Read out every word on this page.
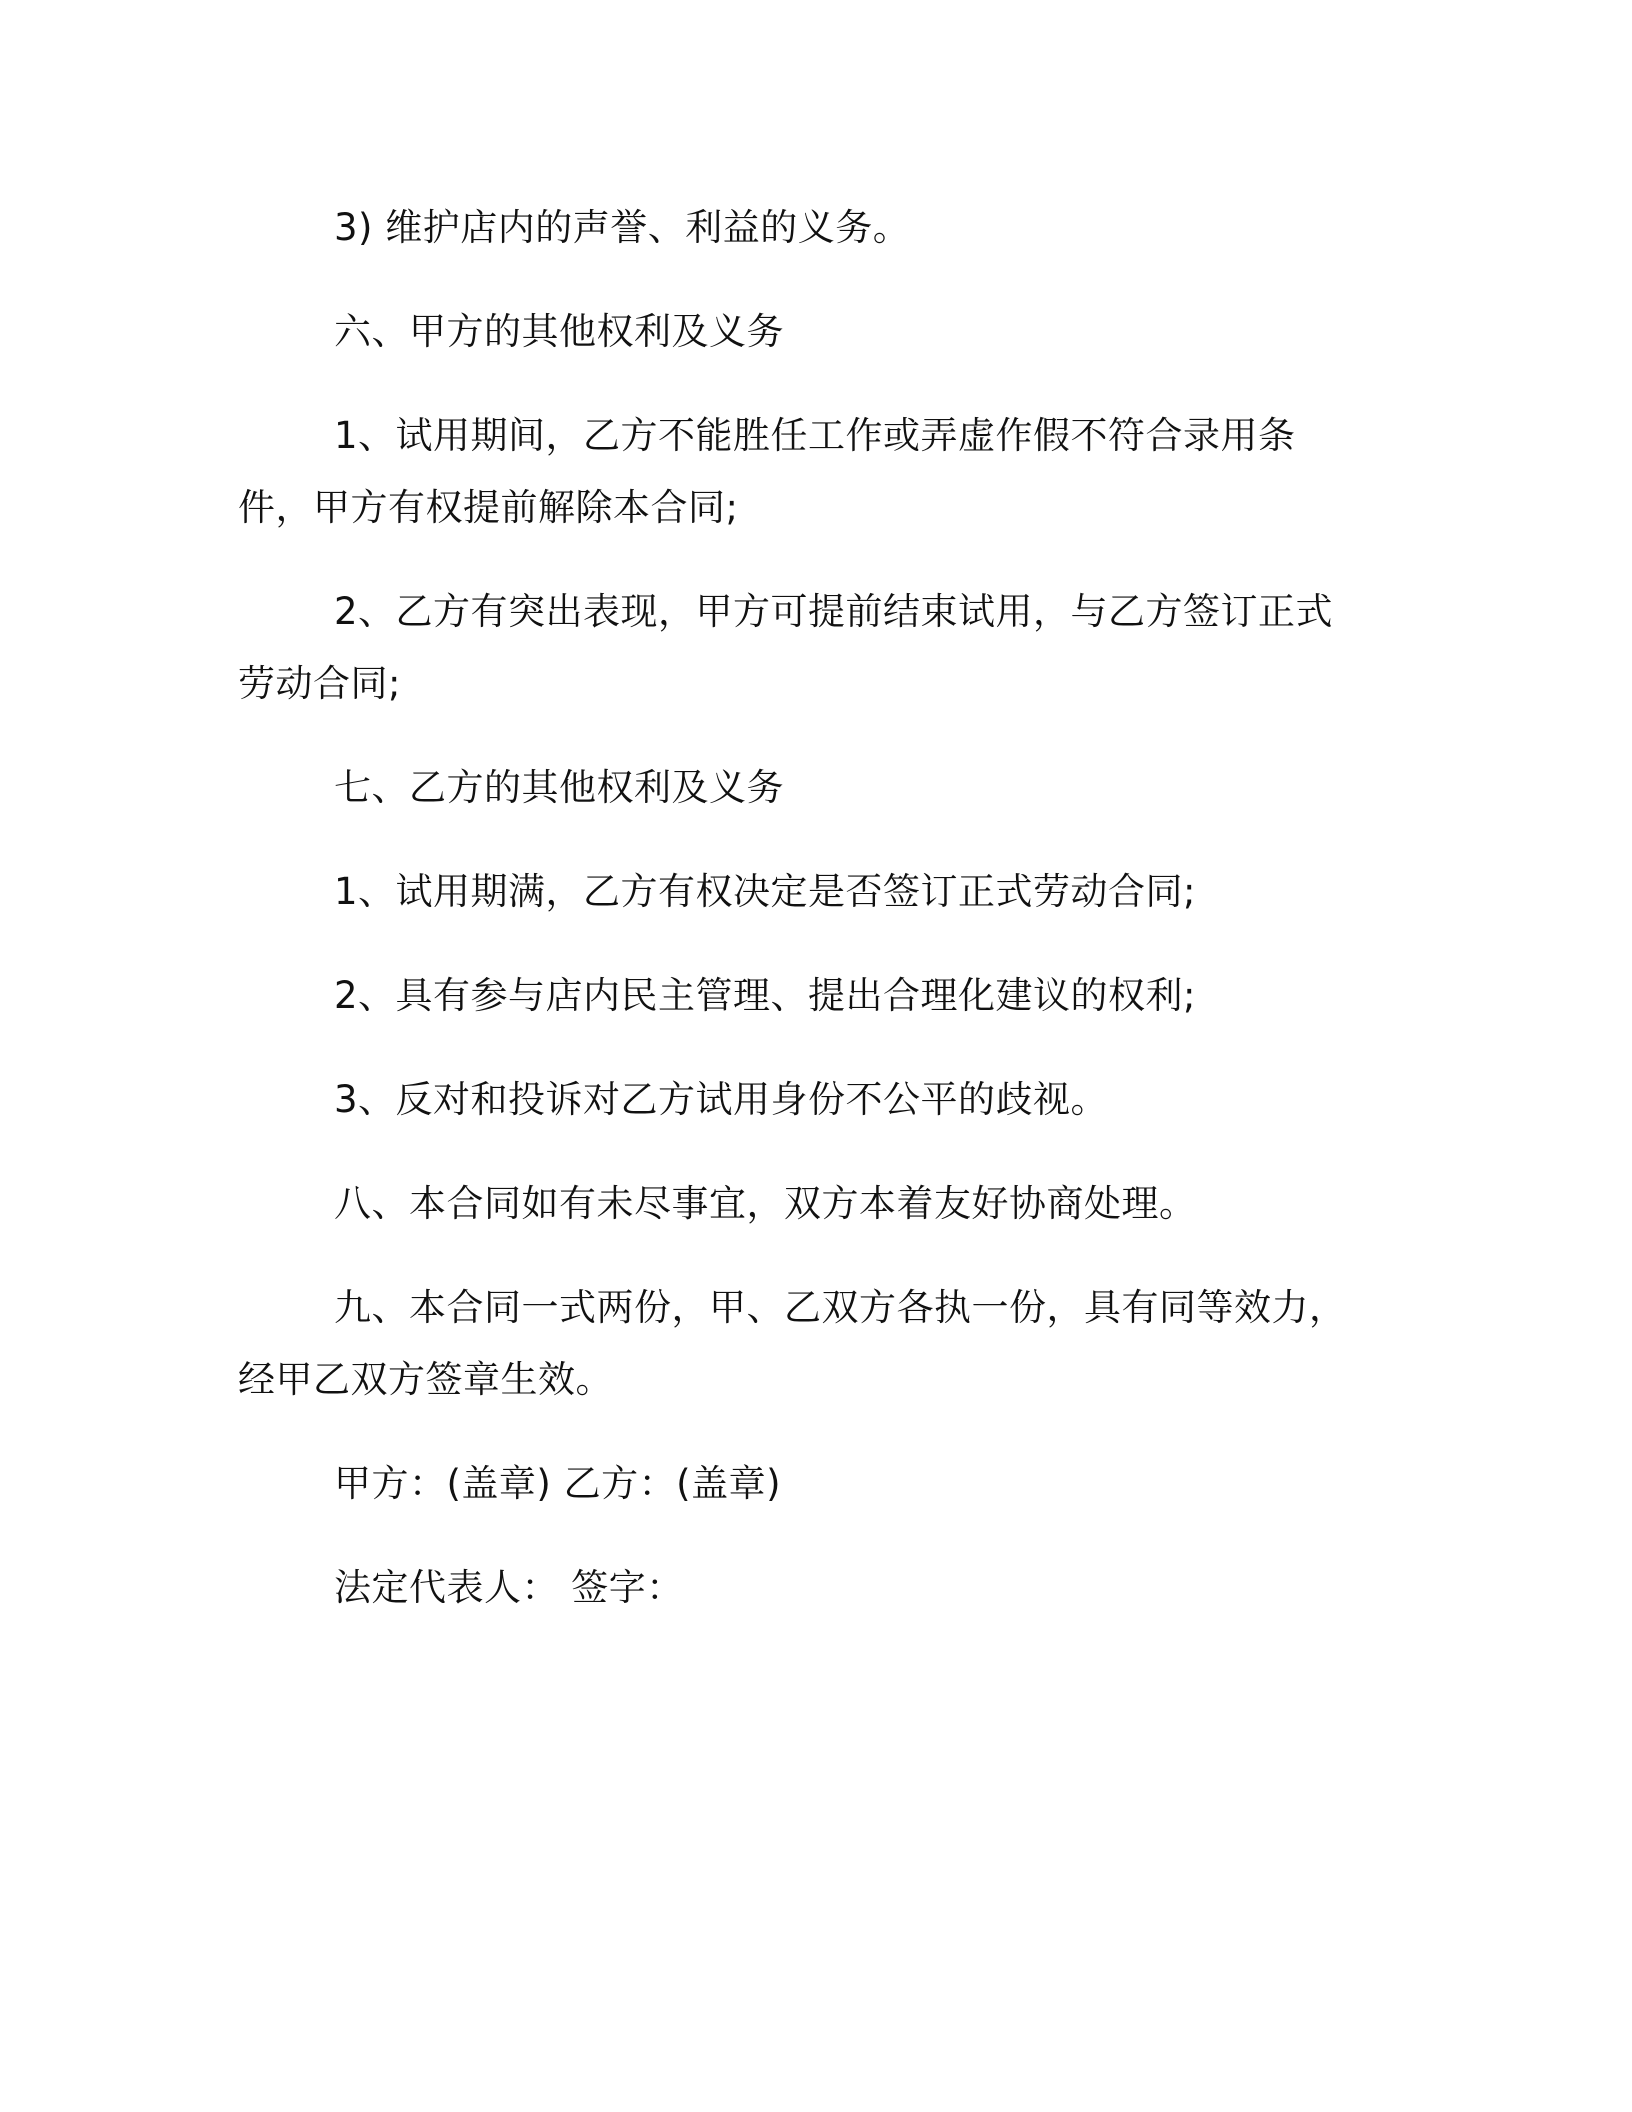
3) 维护店内的声誉、利益的义务。

六、甲方的其他权利及义务

1、试用期间，乙方不能胜任工作或弄虚作假不符合录用条件，甲方有权提前解除本合同;

2、乙方有突出表现，甲方可提前结束试用，与乙方签订正式劳动合同;

七、乙方的其他权利及义务

1、试用期满，乙方有权决定是否签订正式劳动合同;

2、具有参与店内民主管理、提出合理化建议的权利;

3、反对和投诉对乙方试用身份不公平的歧视。

八、本合同如有未尽事宜，双方本着友好协商处理。

九、本合同一式两份，甲、乙双方各执一份，具有同等效力，经甲乙双方签章生效。

甲方：(盖章) 乙方：(盖章)

法定代表人： 签字：
